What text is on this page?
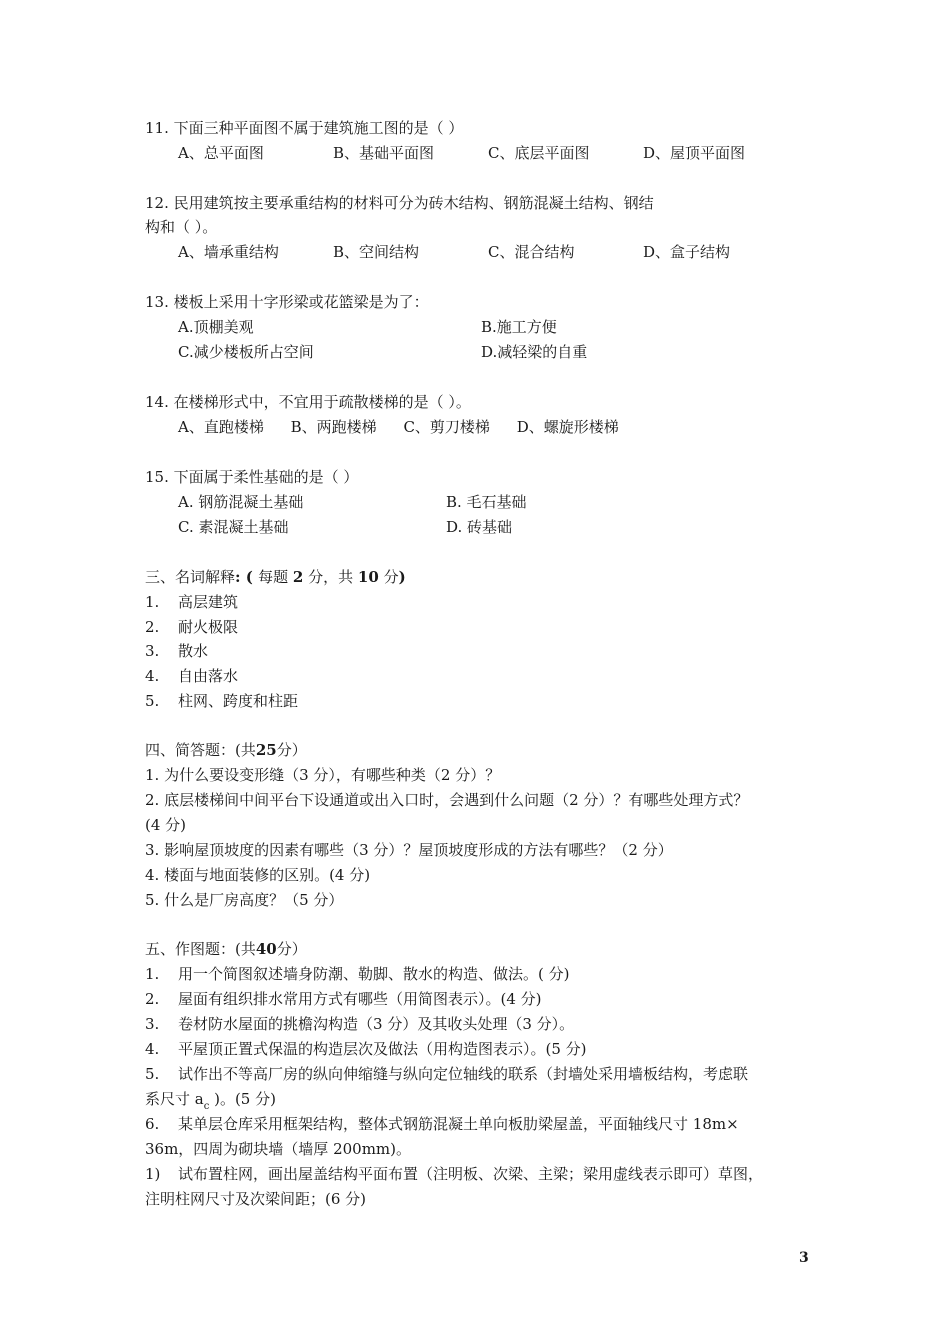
11. 下面三种平面图不属于建筑施工图的是（ ）
A、总平面图	B、基础平面图	C、底层平面图	D、屋顶平面图
12. 民用建筑按主要承重结构的材料可分为砖木结构、钢筋混凝土结构、钢结
构和（ ）。
A、墙承重结构	B、空间结构	C、混合结构	D、盒子结构
13. 楼板上采用十字形梁或花篮梁是为了：
A.顶棚美观	B.施工方便
C.减少楼板所占空间	D.减轻梁的自重
14. 在楼梯形式中，不宜用于疏散楼梯的是（ ）。
A、直跑楼梯 B、两跑楼梯 C、剪刀楼梯 D、螺旋形楼梯
15. 下面属于柔性基础的是（ ）
A. 钢筋混凝土基础	B. 毛石基础
C. 素混凝土基础	D. 砖基础
三、名词解释: ( 每题 2 分，共 10 分)
1. 高层建筑
2. 耐火极限
3. 散水
4. 自由落水
5. 柱网、跨度和柱距
四、简答题：(共25分）
1. 为什么要设变形缝（3 分），有哪些种类（2 分）？
2. 底层楼梯间中间平台下设通道或出入口时，会遇到什么问题（2 分）？有哪些处理方式？
(4 分)
3. 影响屋顶坡度的因素有哪些（3 分）？屋顶坡度形成的方法有哪些？（2 分）
4. 楼面与地面装修的区别。(4 分)
5. 什么是厂房高度？（5 分）
五、作图题：(共40分）
1. 用一个简图叙述墙身防潮、勒脚、散水的构造、做法。( 分)
2. 屋面有组织排水常用方式有哪些（用简图表示）。(4 分)
3. 卷材防水屋面的挑檐沟构造（3 分）及其收头处理（3 分）。
4. 平屋顶正置式保温的构造层次及做法（用构造图表示）。(5 分)
5. 试作出不等高厂房的纵向伸缩缝与纵向定位轴线的联系（封墙处采用墙板结构，考虑联
系尺寸 $a_c$ )。(5 分)
6. 某单层仓库采用框架结构，整体式钢筋混凝土单向板肋梁屋盖，平面轴线尺寸 18m×
36m，四周为砌块墙（墙厚 200mm)。
1) 试布置柱网，画出屋盖结构平面布置（注明板、次梁、主梁；梁用虚线表示即可）草图，
注明柱网尺寸及次梁间距；(6 分)
3
